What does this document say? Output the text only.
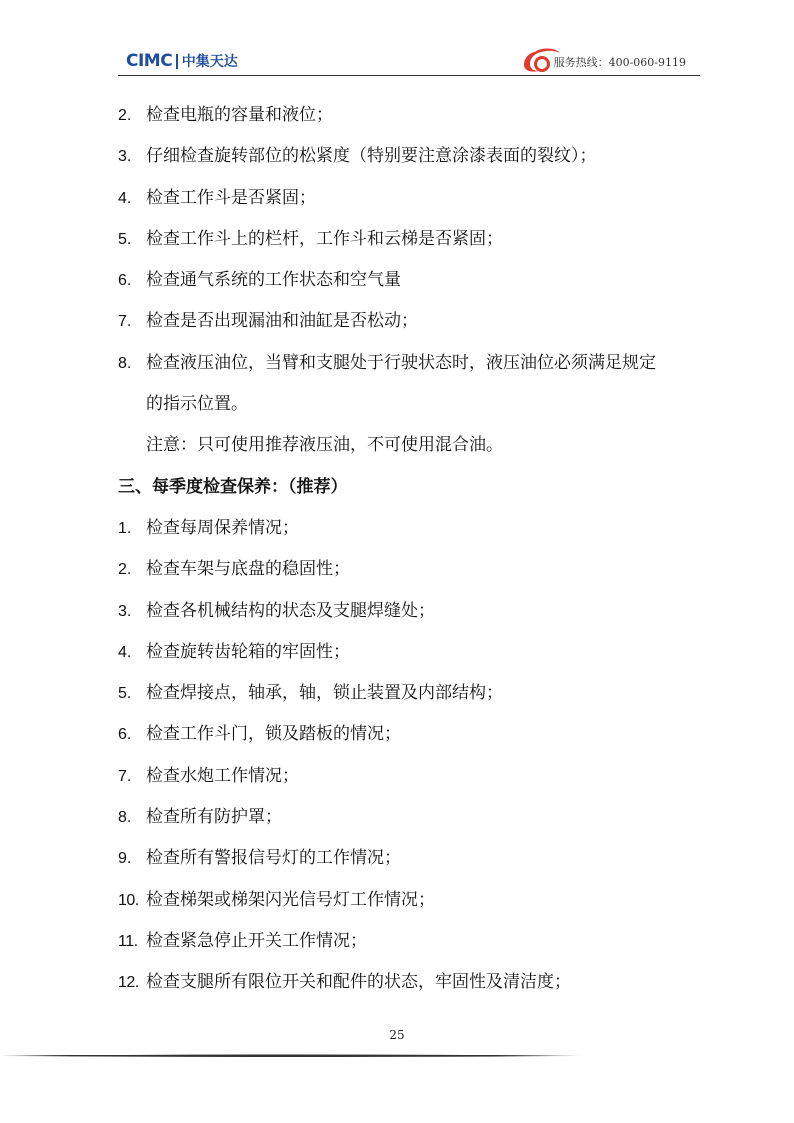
CIMC 中集天达	服务热线：400-060-9119
2. 检查电瓶的容量和液位；
3. 仔细检查旋转部位的松紧度（特别要注意涂漆表面的裂纹）；
4. 检查工作斗是否紧固；
5. 检查工作斗上的栏杆，工作斗和云梯是否紧固；
6. 检查通气系统的工作状态和空气量
7. 检查是否出现漏油和油缸是否松动；
8. 检查液压油位，当臂和支腿处于行驶状态时，液压油位必须满足规定
的指示位置。
注意：只可使用推荐液压油，不可使用混合油。
三、每季度检查保养：（推荐）
1. 检查每周保养情况；
2. 检查车架与底盘的稳固性；
3. 检查各机械结构的状态及支腿焊缝处；
4. 检查旋转齿轮箱的牢固性；
5. 检查焊接点，轴承，轴，锁止装置及内部结构；
6. 检查工作斗门，锁及踏板的情况；
7. 检查水炮工作情况；
8. 检查所有防护罩；
9. 检查所有警报信号灯的工作情况；
10. 检查梯架或梯架闪光信号灯工作情况；
11. 检查紧急停止开关工作情况；
12. 检查支腿所有限位开关和配件的状态，牢固性及清洁度；
25
